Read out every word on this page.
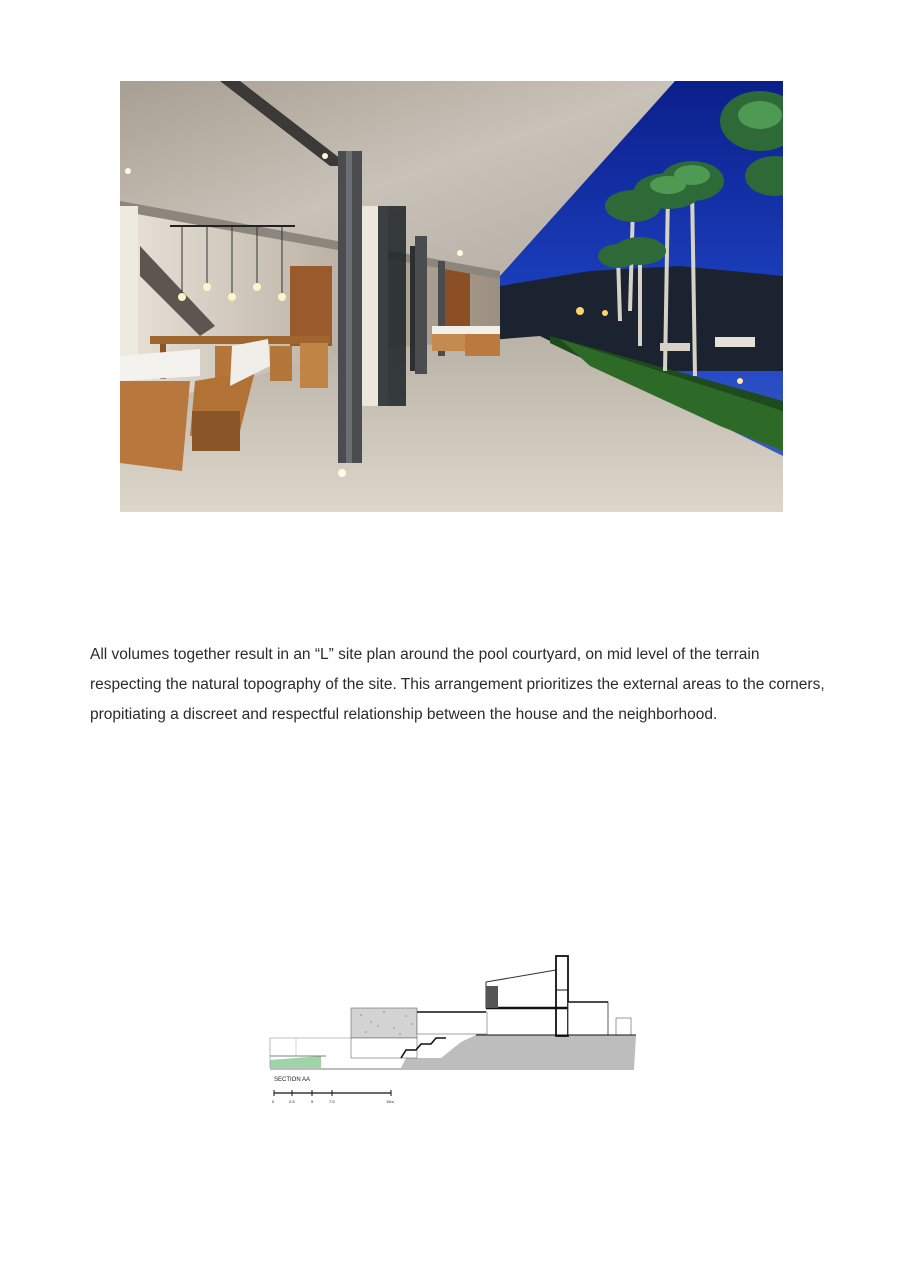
All volumes together result in an “L” site plan around the pool courtyard, on mid level of the terrain respecting the natural topography of the site. This arrangement prioritizes the external areas to the corners, propitiating a discreet and respectful relationship between the house and the neighborhood.

SECTION AA
0	2.5	5	7.5	15m
